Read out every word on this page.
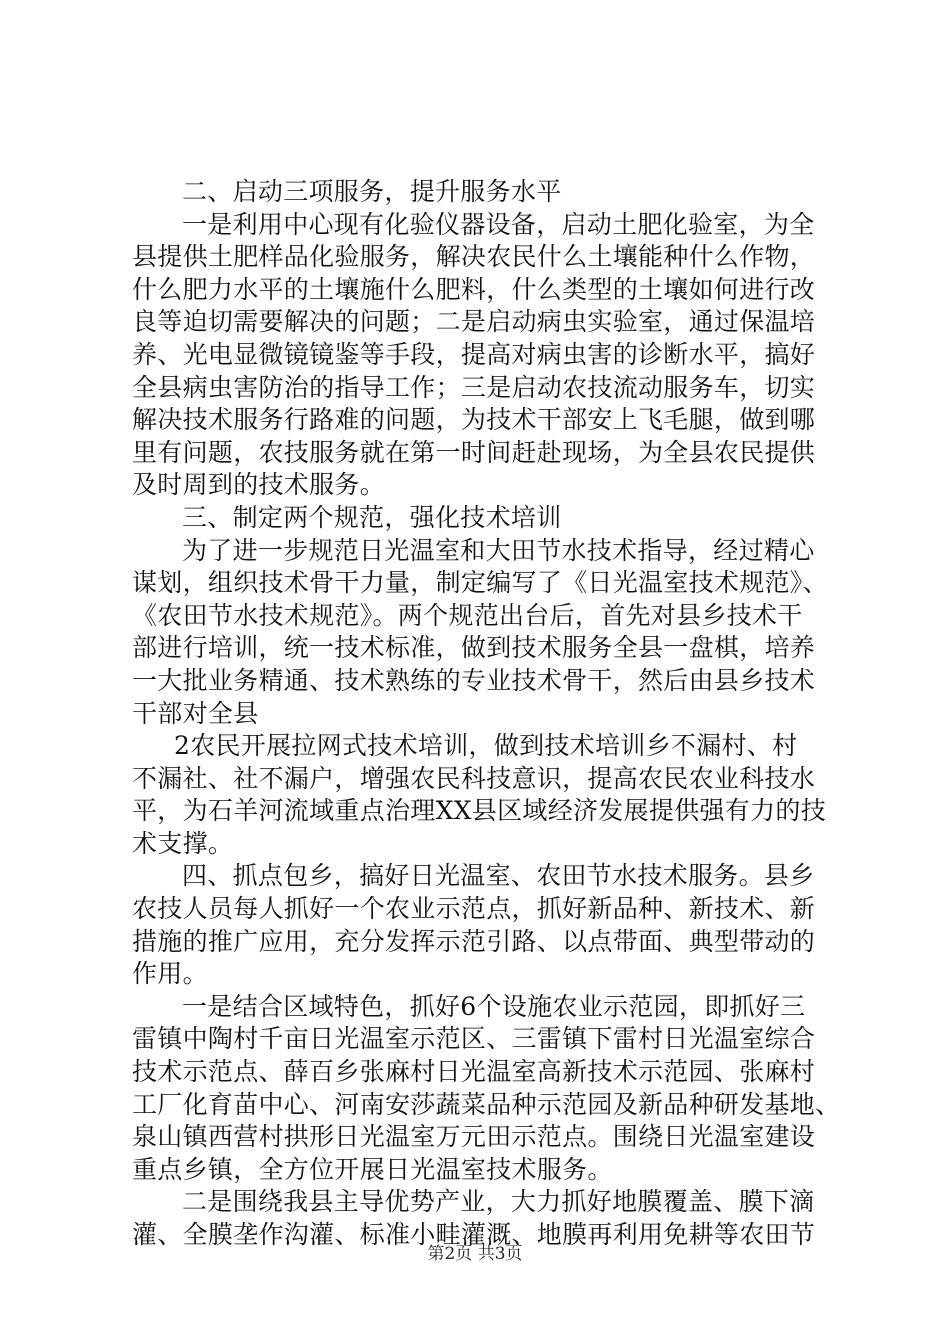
二、启动三项服务，提升服务水平
一是利用中心现有化验仪器设备，启动土肥化验室，为全
县提供土肥样品化验服务，解决农民什么土壤能种什么作物，
什么肥力水平的土壤施什么肥料，什么类型的土壤如何进行改
良等迫切需要解决的问题；二是启动病虫实验室，通过保温培
养、光电显微镜镜鉴等手段，提高对病虫害的诊断水平，搞好
全县病虫害防治的指导工作；三是启动农技流动服务车，切实
解决技术服务行路难的问题，为技术干部安上飞毛腿，做到哪
里有问题，农技服务就在第一时间赶赴现场，为全县农民提供
及时周到的技术服务。
三、制定两个规范，强化技术培训
为了进一步规范日光温室和大田节水技术指导，经过精心
谋划，组织技术骨干力量，制定编写了《日光温室技术规范》、
《农田节水技术规范》。两个规范出台后，首先对县乡技术干
部进行培训，统一技术标准，做到技术服务全县一盘棋，培养
一大批业务精通、技术熟练的专业技术骨干，然后由县乡技术
干部对全县
2农民开展拉网式技术培训，做到技术培训乡不漏村、村
不漏社、社不漏户，增强农民科技意识，提高农民农业科技水
平，为石羊河流域重点治理XX县区域经济发展提供强有力的技
术支撑。
四、抓点包乡，搞好日光温室、农田节水技术服务。县乡
农技人员每人抓好一个农业示范点，抓好新品种、新技术、新
措施的推广应用，充分发挥示范引路、以点带面、典型带动的
作用。
一是结合区域特色，抓好6个设施农业示范园，即抓好三
雷镇中陶村千亩日光温室示范区、三雷镇下雷村日光温室综合
技术示范点、薛百乡张麻村日光温室高新技术示范园、张麻村
工厂化育苗中心、河南安莎蔬菜品种示范园及新品种研发基地、
泉山镇西营村拱形日光温室万元田示范点。围绕日光温室建设
重点乡镇，全方位开展日光温室技术服务。
二是围绕我县主导优势产业，大力抓好地膜覆盖、膜下滴
灌、全膜垄作沟灌、标准小畦灌溉、地膜再利用免耕等农田节
第2页 共3页
